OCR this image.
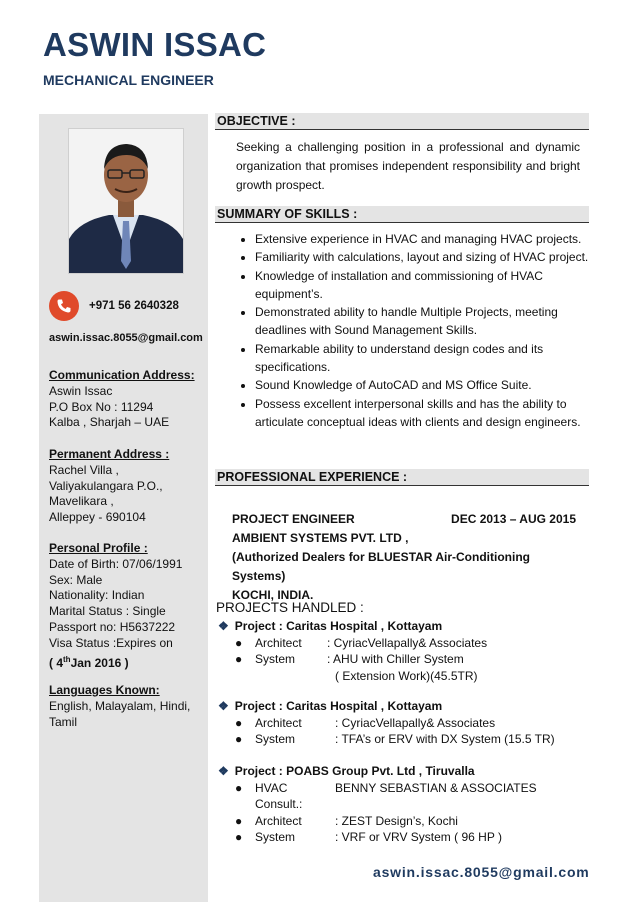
ASWIN ISSAC
MECHANICAL ENGINEER
+971 56 2640328
aswin.issac.8055@gmail.com
Communication Address:
Aswin Issac
P.O Box No : 11294
Kalba , Sharjah – UAE
Permanent Address :
Rachel Villa ,
Valiyakulangara P.O.,
Mavelikara ,
Alleppey - 690104
Personal Profile :
Date of Birth: 07/06/1991
Sex: Male
Nationality: Indian
Marital Status : Single
Passport no: H5637222
Visa Status :Expires on
( 4thJan 2016 )
Languages Known:
English, Malayalam, Hindi,
Tamil
OBJECTIVE :
Seeking a challenging position in a professional and dynamic organization that promises independent responsibility and bright growth prospect.
SUMMARY OF SKILLS :
• Extensive experience in HVAC and managing HVAC projects.
• Familiarity with calculations, layout and sizing of HVAC project.
• Knowledge of installation and commissioning of HVAC equipment’s.
• Demonstrated ability to handle Multiple Projects, meeting deadlines with Sound Management Skills.
• Remarkable ability to understand design codes and its specifications.
• Sound Knowledge of AutoCAD and MS Office Suite.
• Possess excellent interpersonal skills and has the ability to articulate conceptual ideas with clients and design engineers.
PROFESSIONAL EXPERIENCE :
PROJECT ENGINEER	DEC 2013 – AUG 2015
AMBIENT SYSTEMS PVT. LTD ,
(Authorized Dealers for BLUESTAR Air-Conditioning Systems)
KOCHI, INDIA.
PROJECTS HANDLED :
❖ Project : Caritas Hospital , Kottayam
●	Architect	: CyriacVellapally& Associates
●	System	: AHU with Chiller System
( Extension Work)(45.5TR)
❖ Project : Caritas Hospital , Kottayam
●	Architect	: CyriacVellapally& Associates
●	System	: TFA’s or ERV with DX System (15.5 TR)
❖ Project : POABS Group Pvt. Ltd , Tiruvalla
●	HVAC Consult.:
BENNY SEBASTIAN & ASSOCIATES
●	Architect	: ZEST Design’s, Kochi
●	System	: VRF or VRV System ( 96 HP )
aswin.issac.8055@gmail.com
